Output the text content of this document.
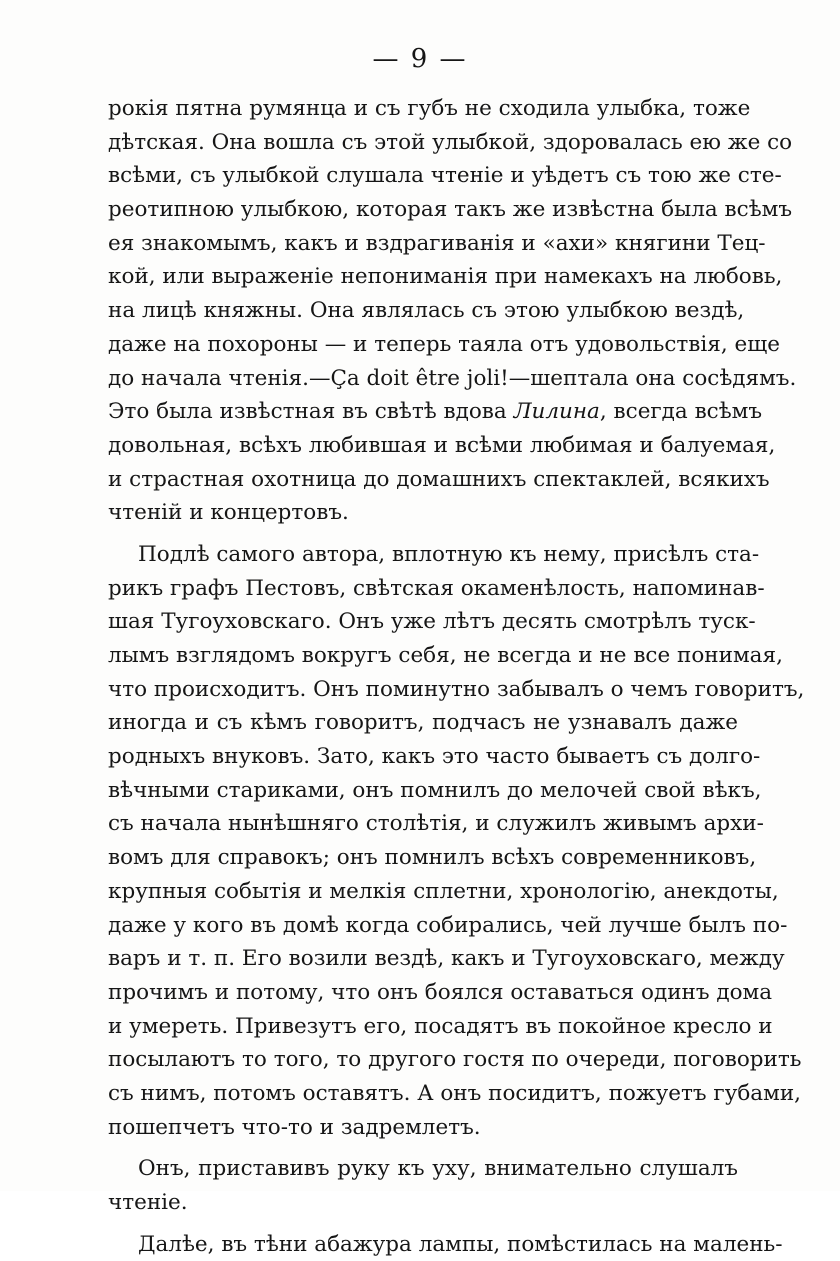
— 9 —
рокія пятна румянца и съ губъ не сходила улыбка, тоже
дѣтская. Она вошла съ этой улыбкой, здоровалась ею же со
всѣми, съ улыбкой слушала чтеніе и уѣдетъ съ тою же сте-
реотипною улыбкою, которая такъ же извѣстна была всѣмъ
ея знакомымъ, какъ и вздрагиванія и «ахи» княгини Тец-
кой, или выраженіе непониманія при намекахъ на любовь,
на лицѣ княжны. Она являлась съ этою улыбкою вездѣ,
даже на похороны — и теперь таяла отъ удовольствія, еще
до начала чтенія.—Ça doit être joli!—шептала она сосѣдямъ.
Это была извѣстная въ свѣтѣ вдова Лилина, всегда всѣмъ
довольная, всѣхъ любившая и всѣми любимая и балуемая,
и страстная охотница до домашнихъ спектаклей, всякихъ
чтеній и концертовъ.
Подлѣ самого автора, вплотную къ нему, присѣлъ ста-
рикъ графъ Пестовъ, свѣтская окаменѣлость, напоминав-
шая Тугоуховскаго. Онъ уже лѣтъ десять смотрѣлъ туск-
лымъ взглядомъ вокругъ себя, не всегда и не все понимая,
что происходитъ. Онъ поминутно забывалъ о чемъ говоритъ,
иногда и съ кѣмъ говоритъ, подчасъ не узнавалъ даже
родныхъ внуковъ. Зато, какъ это часто бываетъ съ долго-
вѣчными стариками, онъ помнилъ до мелочей свой вѣкъ,
съ начала нынѣшняго столѣтія, и служилъ живымъ архи-
вомъ для справокъ; онъ помнилъ всѣхъ современниковъ,
крупныя событія и мелкія сплетни, хронологію, анекдоты,
даже у кого въ домѣ когда собирались, чей лучше былъ по-
варъ и т. п. Его возили вездѣ, какъ и Тугоуховскаго, между
прочимъ и потому, что онъ боялся оставаться одинъ дома
и умереть. Привезутъ его, посадятъ въ покойное кресло и
посылаютъ то того, то другого гостя по очереди, поговорить
съ нимъ, потомъ оставятъ. А онъ посидитъ, пожуетъ губами,
пошепчетъ что-то и задремлетъ.
Онъ, приставивъ руку къ уху, внимательно слушалъ
чтеніе.
Далѣе, въ тѣни абажура лампы, помѣстилась на малень-
